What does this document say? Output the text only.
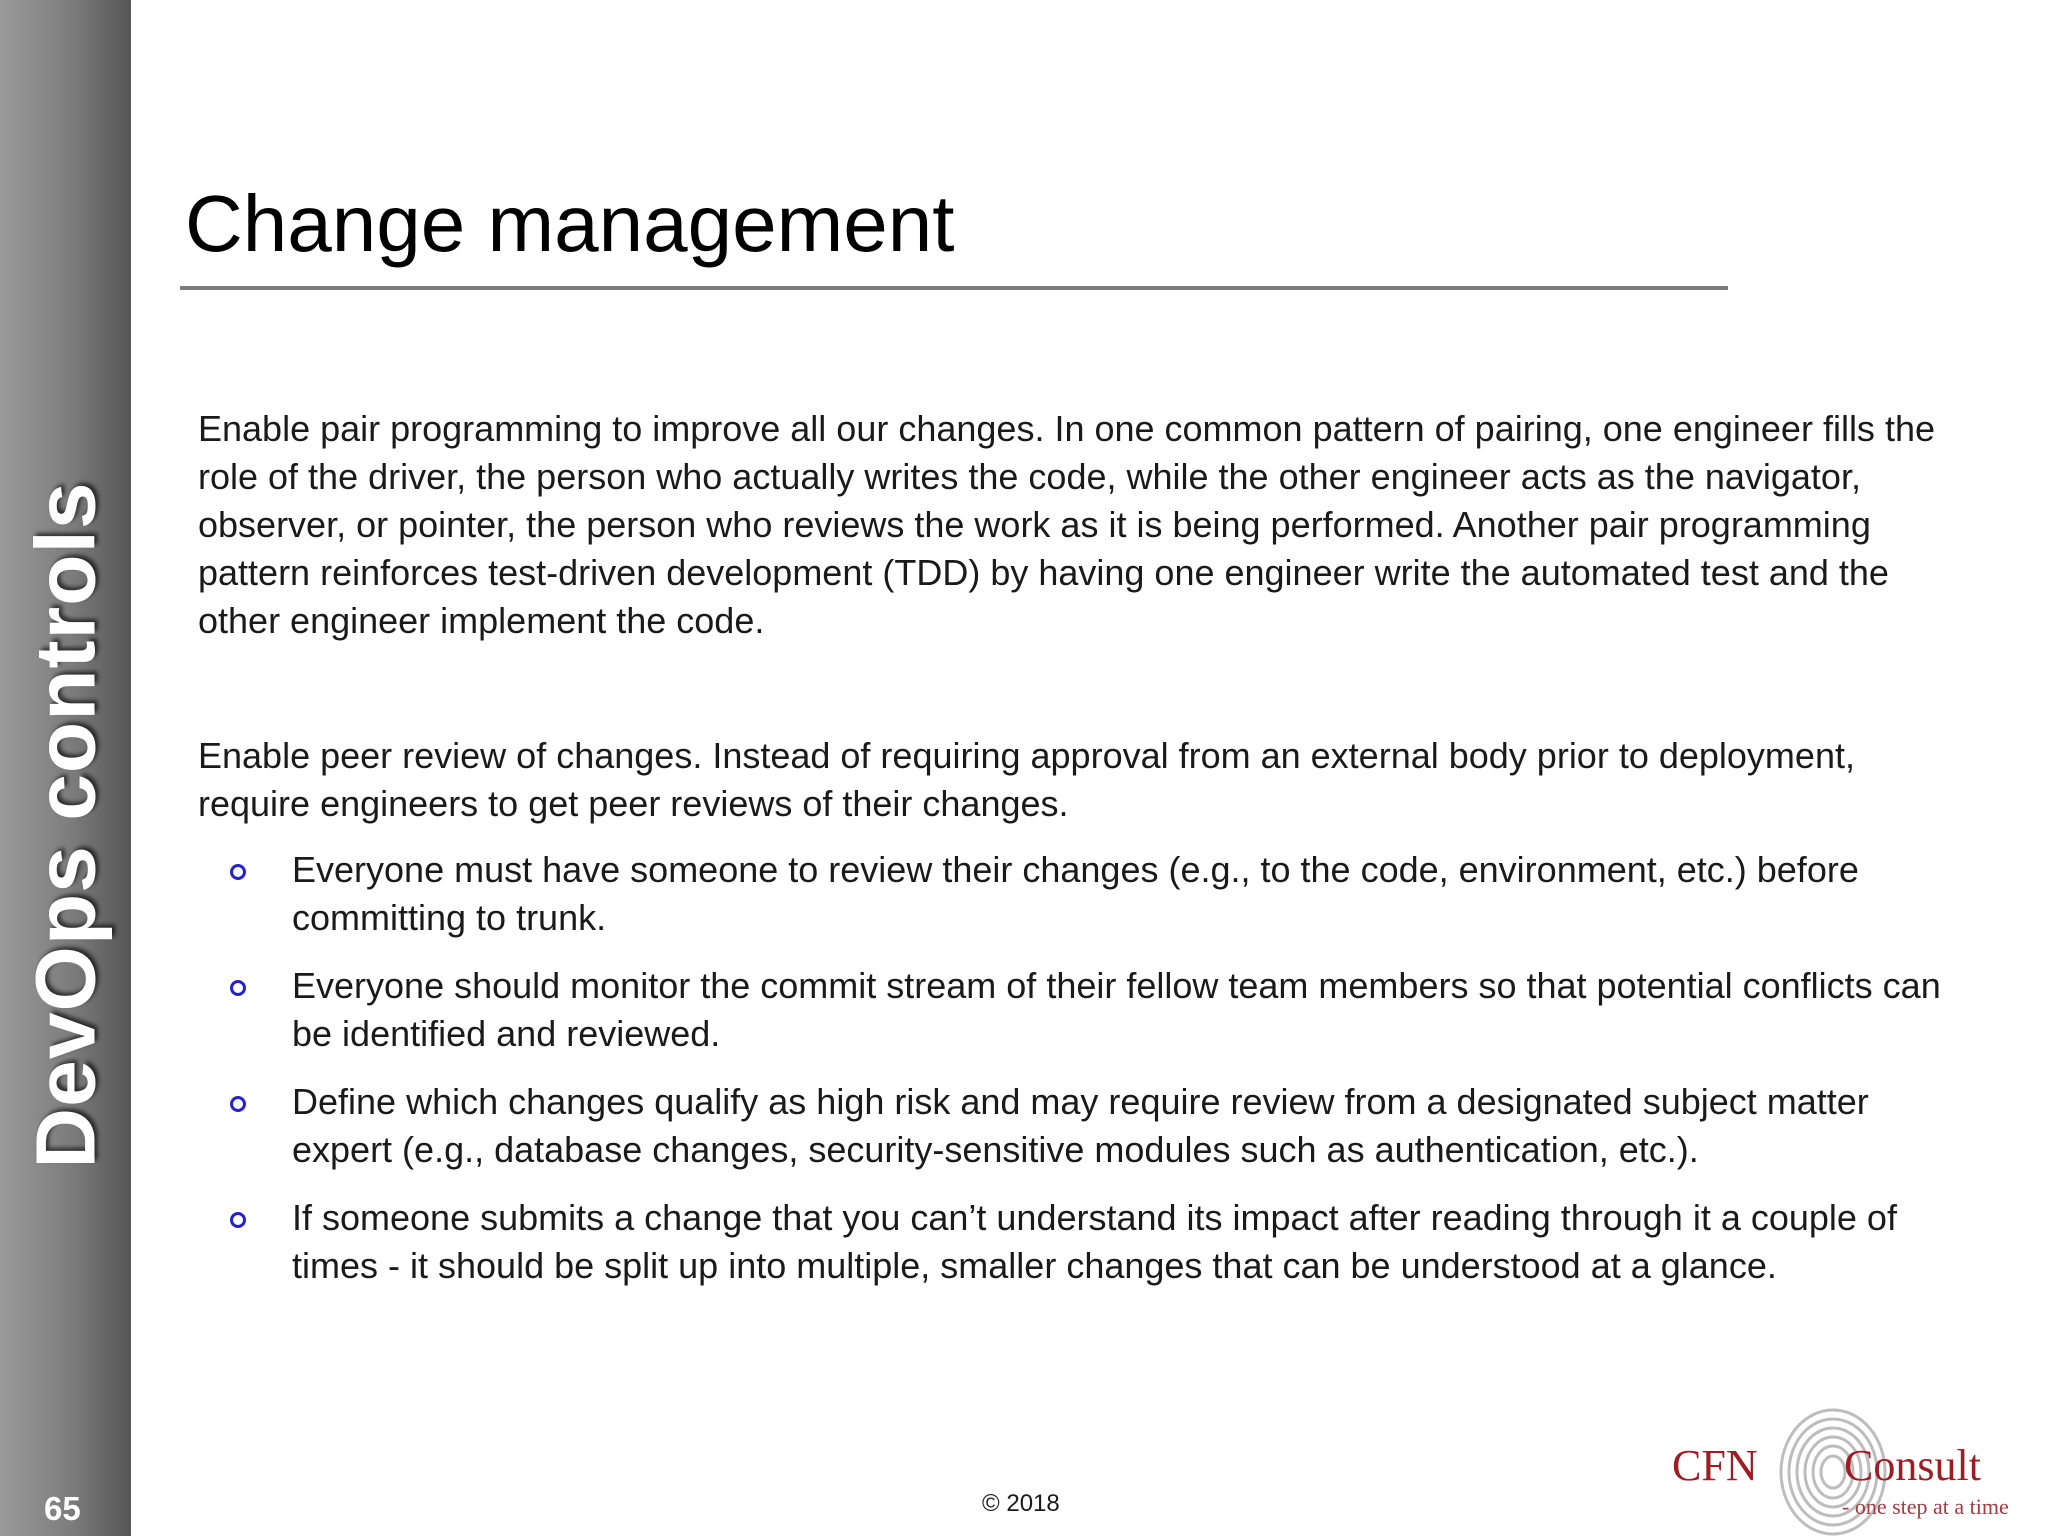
DevOps controls
65
Change management

Enable pair programming to improve all our changes. In one common pattern of pairing, one engineer fills the role of the driver, the person who actually writes the code, while the other engineer acts as the navigator, observer, or pointer, the person who reviews the work as it is being performed. Another pair programming pattern reinforces test-driven development (TDD) by having one engineer write the automated test and the other engineer implement the code.

Enable peer review of changes. Instead of requiring approval from an external body prior to deployment, require engineers to get peer reviews of their changes.

Everyone must have someone to review their changes (e.g., to the code, environment, etc.) before committing to trunk.
Everyone should monitor the commit stream of their fellow team members so that potential conflicts can be identified and reviewed.
Define which changes qualify as high risk and may require review from a designated subject matter expert (e.g., database changes, security-sensitive modules such as authentication, etc.).
If someone submits a change that you can’t understand its impact after reading through it a couple of times - it should be split up into multiple, smaller changes that can be understood at a glance.
© 2018
CFN Consult
- one step at a time
